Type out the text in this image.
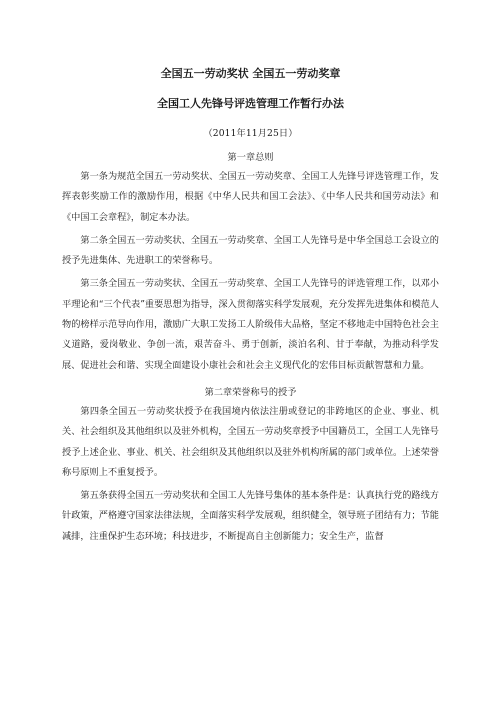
全国五一劳动奖状 全国五一劳动奖章
全国工人先锋号评选管理工作暂行办法

（2011年11月25日）

第一章总则

第一条为规范全国五一劳动奖状、全国五一劳动奖章、全国工人先锋号评选管理工作，发挥表彰奖励工作的激励作用，根据《中华人民共和国工会法》、《中华人民共和国劳动法》和《中国工会章程》，制定本办法。

第二条全国五一劳动奖状、全国五一劳动奖章、全国工人先锋号是中华全国总工会设立的授予先进集体、先进职工的荣誉称号。

第三条全国五一劳动奖状、全国五一劳动奖章、全国工人先锋号的评选管理工作，以邓小平理论和“三个代表”重要思想为指导，深入贯彻落实科学发展观，充分发挥先进集体和模范人物的榜样示范导向作用，激励广大职工发扬工人阶级伟大品格，坚定不移地走中国特色社会主义道路，爱岗敬业、争创一流，艰苦奋斗、勇于创新，淡泊名利、甘于奉献，为推动科学发展、促进社会和谐、实现全面建设小康社会和社会主义现代化的宏伟目标贡献智慧和力量。

第二章荣誉称号的授予

第四条全国五一劳动奖状授予在我国境内依法注册或登记的非跨地区的企业、事业、机关、社会组织及其他组织以及驻外机构，全国五一劳动奖章授予中国籍员工，全国工人先锋号授予上述企业、事业、机关、社会组织及其他组织以及驻外机构所属的部门或单位。上述荣誉称号原则上不重复授予。

第五条获得全国五一劳动奖状和全国工人先锋号集体的基本条件是：认真执行党的路线方针政策，严格遵守国家法律法规，全面落实科学发展观，组织健全，领导班子团结有力；节能减排，注重保护生态环境；科技进步，不断提高自主创新能力；安全生产，监督
